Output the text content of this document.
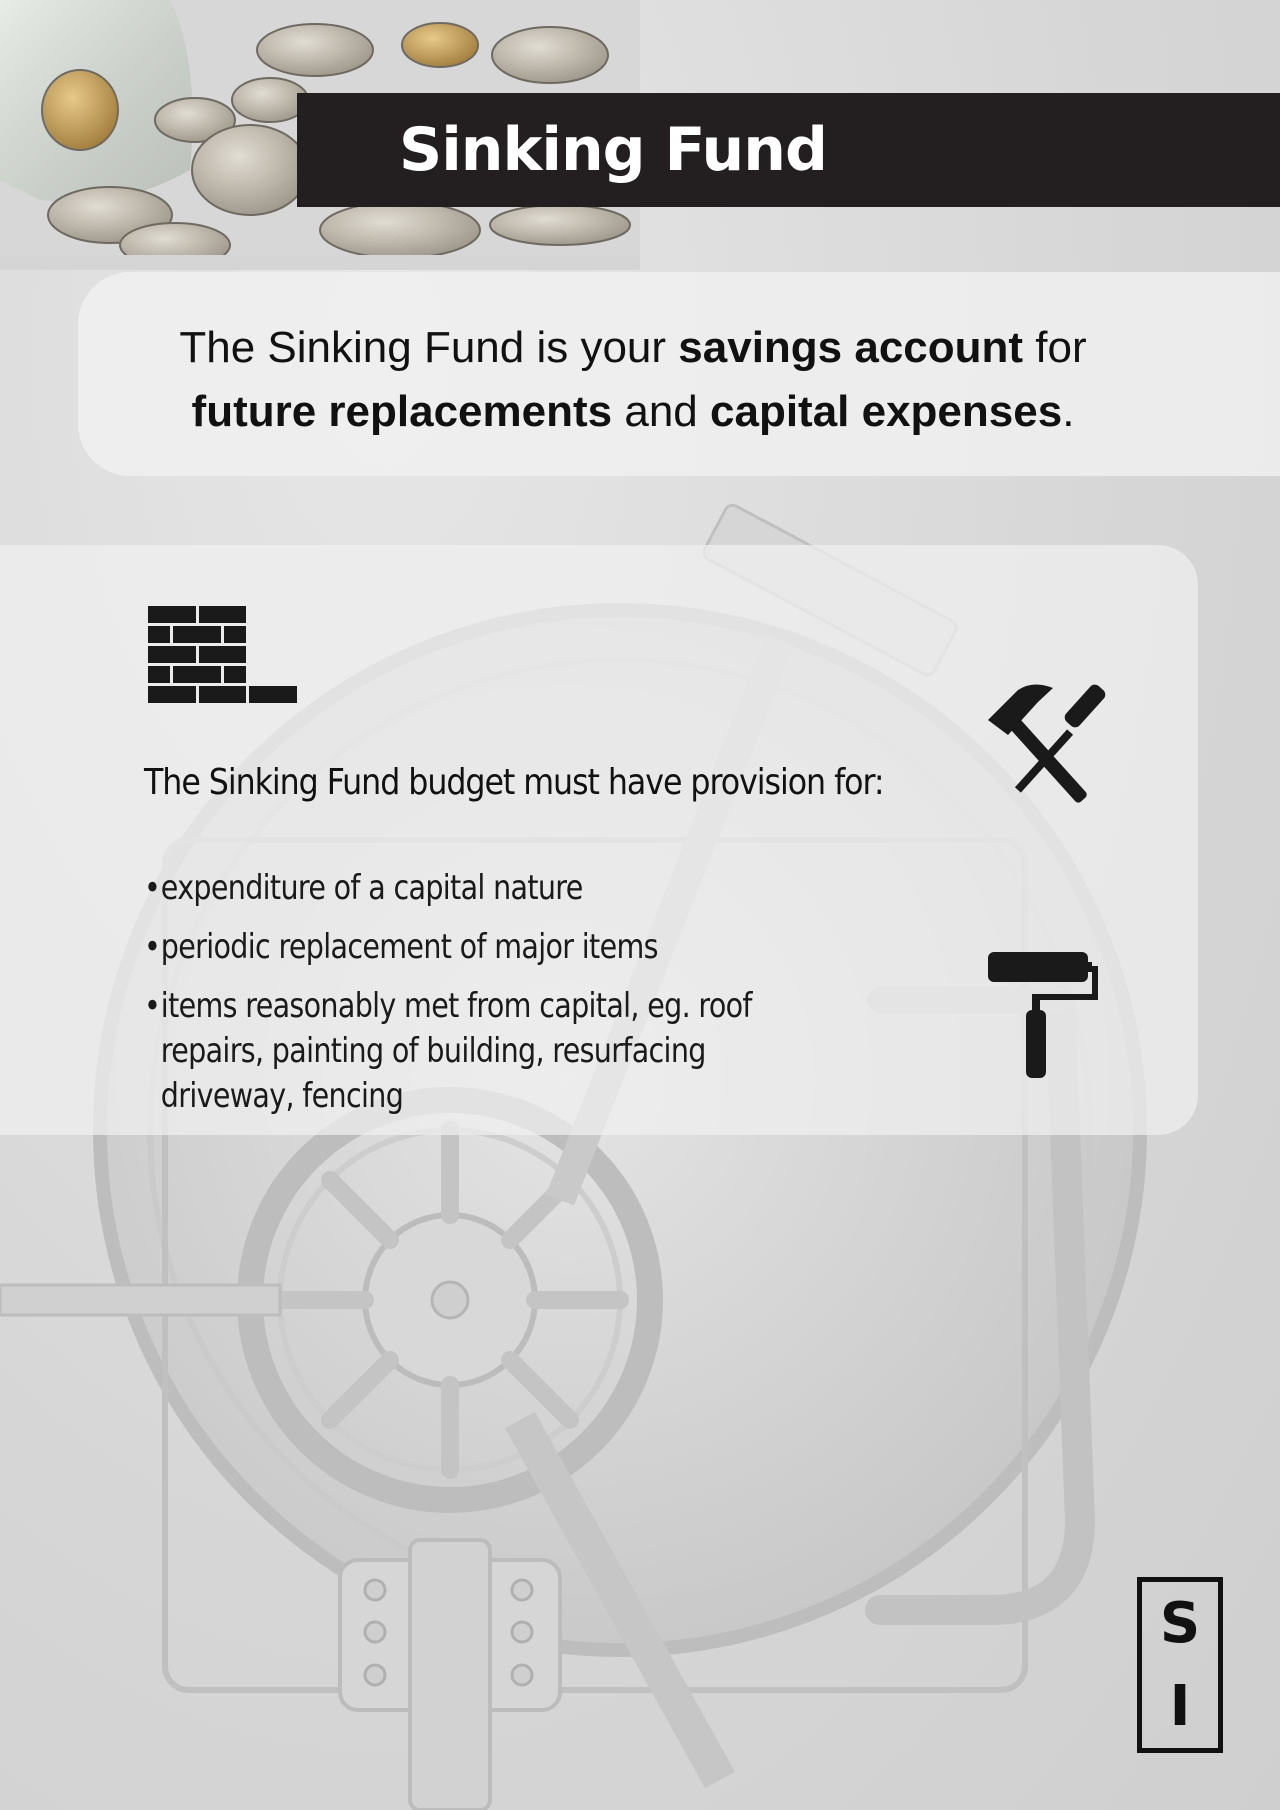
Sinking Fund
The Sinking Fund is your savings account for
future replacements and capital expenses.
The Sinking Fund budget must have provision for:
• expenditure of a capital nature
• periodic replacement of major items
• items reasonably met from capital, eg. roof repairs, painting of building, resurfacing driveway, fencing
S
I
